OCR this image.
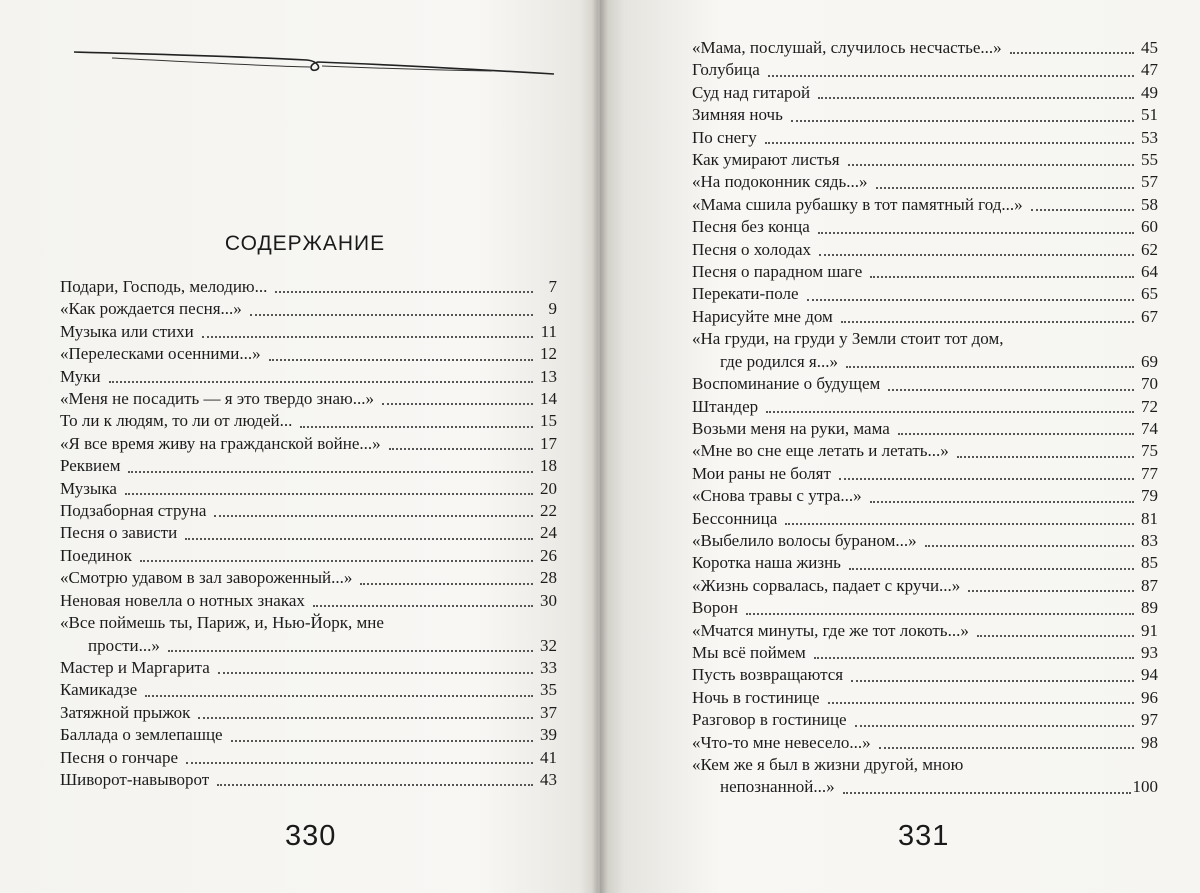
СОДЕРЖАНИЕ
Подари, Господь, мелодию...	7
«Как рождается песня...»	9
Музыка или стихи	11
«Перелесками осенними...»	12
Муки	13
«Меня не посадить — я это твердо знаю...»	14
То ли к людям, то ли от людей...	15
«Я все время живу на гражданской войне...»	17
Реквием	18
Музыка	20
Подзаборная струна	22
Песня о зависти	24
Поединок	26
«Смотрю удавом в зал завороженный...»	28
Неновая новелла о нотных знаках	30
«Все поймешь ты, Париж, и, Нью-Йорк, мне
прости...»	32
Мастер и Маргарита	33
Камикадзе	35
Затяжной прыжок	37
Баллада о землепашце	39
Песня о гончаре	41
Шиворот-навыворот	43
«Мама, послушай, случилось несчастье...»	45
Голубица	47
Суд над гитарой	49
Зимняя ночь	51
По снегу	53
Как умирают листья	55
«На подоконник сядь...»	57
«Мама сшила рубашку в тот памятный год...»	58
Песня без конца	60
Песня о холодах	62
Песня о парадном шаге	64
Перекати-поле	65
Нарисуйте мне дом	67
«На груди, на груди у Земли стоит тот дом,
где родился я...»	69
Воспоминание о будущем	70
Штандер	72
Возьми меня на руки, мама	74
«Мне во сне еще летать и летать...»	75
Мои раны не болят	77
«Снова травы с утра...»	79
Бессонница	81
«Выбелило волосы бураном...»	83
Коротка наша жизнь	85
«Жизнь сорвалась, падает с кручи...»	87
Ворон	89
«Мчатся минуты, где же тот локоть...»	91
Мы всё поймем	93
Пусть возвращаются	94
Ночь в гостинице	96
Разговор в гостинице	97
«Что-то мне невесело...»	98
«Кем же я был в жизни другой, мною
непознанной...»	100
330	331
